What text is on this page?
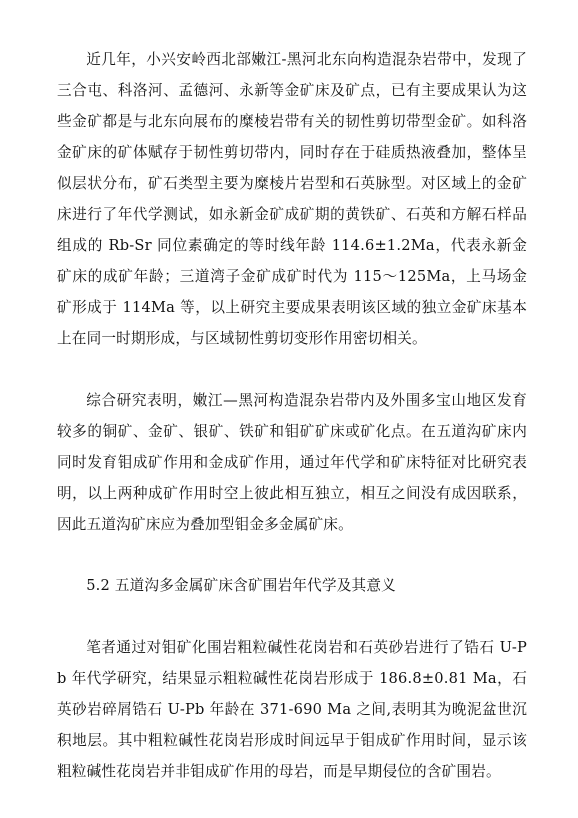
近几年，小兴安岭西北部嫩江-黑河北东向构造混杂岩带中，发现了三合屯、科洛河、孟德河、永新等金矿床及矿点，已有主要成果认为这些金矿都是与北东向展布的糜棱岩带有关的韧性剪切带型金矿。如科洛金矿床的矿体赋存于韧性剪切带内，同时存在于硅质热液叠加，整体呈似层状分布，矿石类型主要为糜棱片岩型和石英脉型。对区域上的金矿床进行了年代学测试，如永新金矿成矿期的黄铁矿、石英和方解石样品组成的 Rb-Sr 同位素确定的等时线年龄 114.6±1.2Ma，代表永新金矿床的成矿年龄；三道湾子金矿成矿时代为 115～125Ma，上马场金矿形成于 114Ma 等，以上研究主要成果表明该区域的独立金矿床基本上在同一时期形成，与区域韧性剪切变形作用密切相关。

综合研究表明，嫩江—黑河构造混杂岩带内及外围多宝山地区发育较多的铜矿、金矿、银矿、铁矿和钼矿矿床或矿化点。在五道沟矿床内同时发育钼成矿作用和金成矿作用，通过年代学和矿床特征对比研究表明，以上两种成矿作用时空上彼此相互独立，相互之间没有成因联系，因此五道沟矿床应为叠加型钼金多金属矿床。

5.2 五道沟多金属矿床含矿围岩年代学及其意义

笔者通过对钼矿化围岩粗粒碱性花岗岩和石英砂岩进行了锆石 U-Pb 年代学研究，结果显示粗粒碱性花岗岩形成于 186.8±0.81 Ma，石英砂岩碎屑锆石 U-Pb 年龄在 371-690 Ma 之间,表明其为晚泥盆世沉积地层。其中粗粒碱性花岗岩形成时间远早于钼成矿作用时间，显示该粗粒碱性花岗岩并非钼成矿作用的母岩，而是早期侵位的含矿围岩。
